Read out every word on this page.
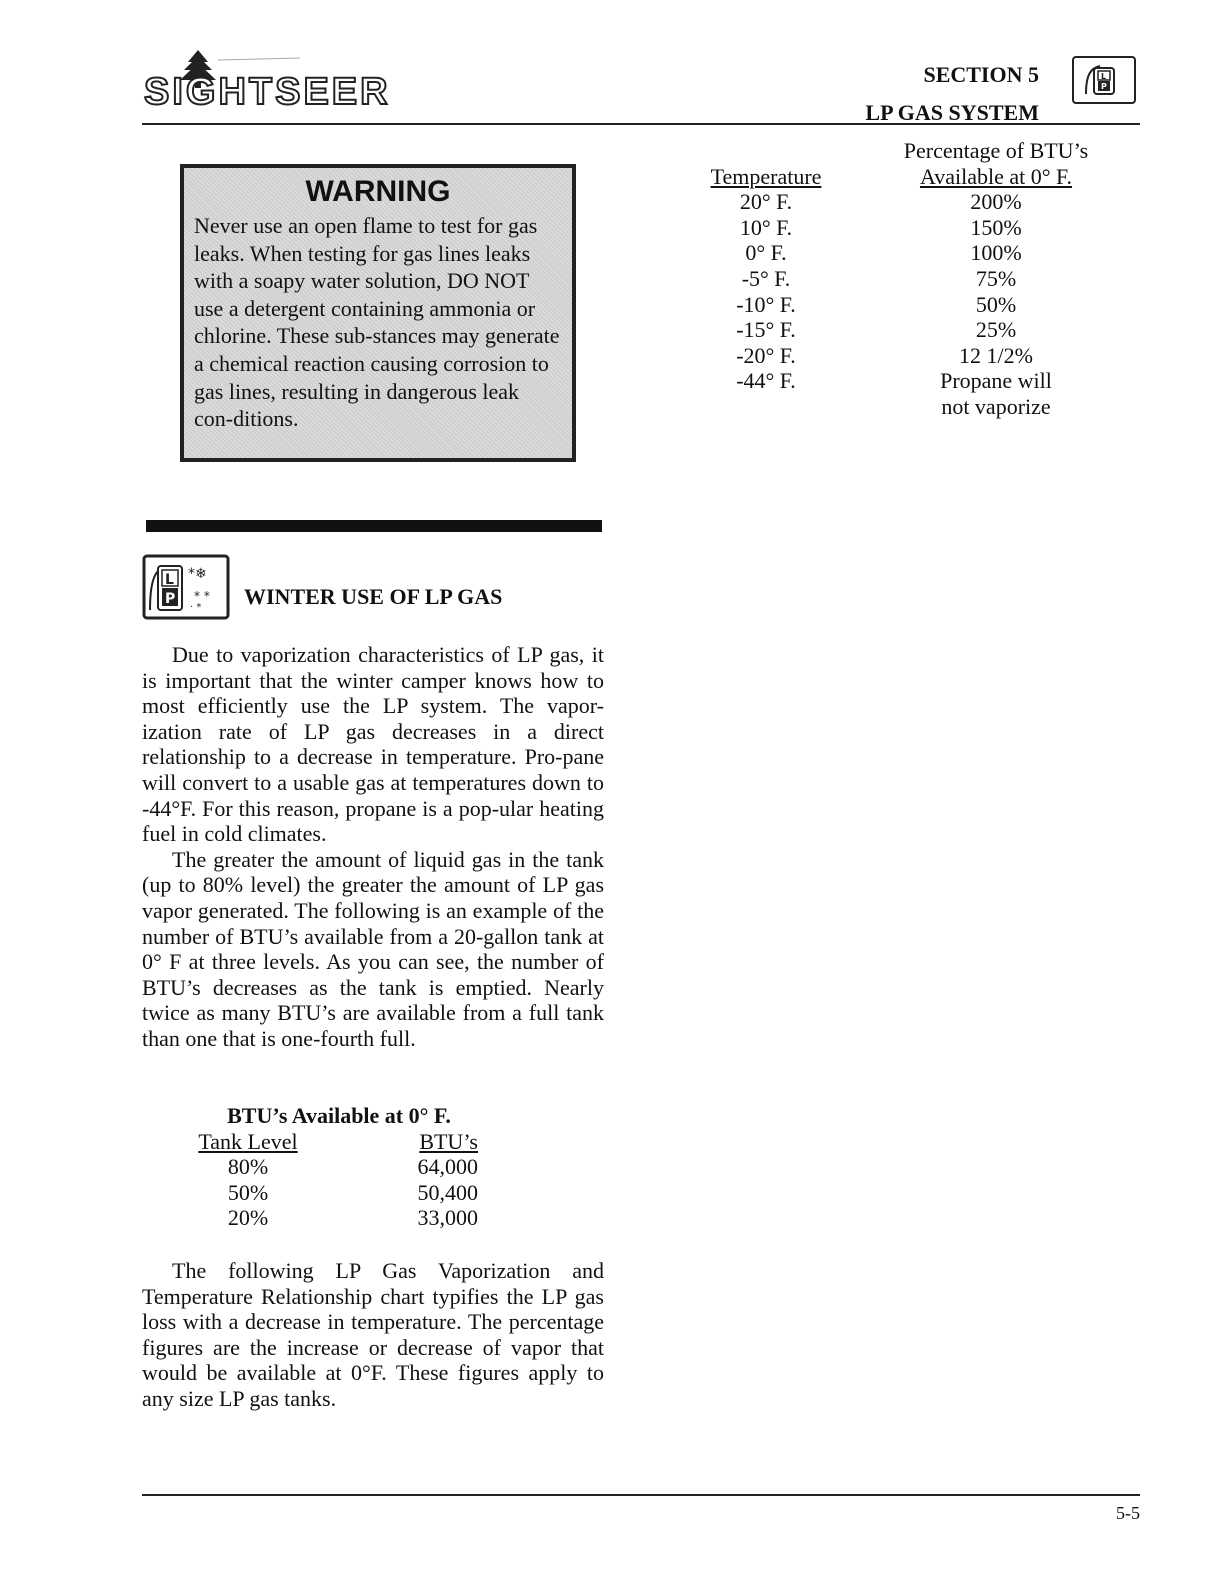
SIGHTSEER	SECTION 5
LP GAS SYSTEM
L
P
WARNING

Never use an open flame to test for gas leaks. When testing for gas lines leaks with a soapy water solution, DO NOT use a detergent containing ammonia or chlorine. These sub-stances may generate a chemical reaction causing corrosion to gas lines, resulting in dangerous leak con-ditions.

Percentage of BTU’s
Temperature	Available at 0° F.
20° F.	200%
10° F.	150%
0° F.	100%
-5° F.	75%
-10° F.	50%
-15° F.	25%
-20° F.	12 1/2%
-44° F.	Propane will
not vaporize
L
P
*❄
* *
· * WINTER USE OF LP GAS

Due to vaporization characteristics of LP gas, it is important that the winter camper knows how to most efficiently use the LP system. The vapor-ization rate of LP gas decreases in a direct relationship to a decrease in temperature. Pro-pane will convert to a usable gas at temperatures down to -44°F. For this reason, propane is a pop-ular heating fuel in cold climates.

The greater the amount of liquid gas in the tank (up to 80% level) the greater the amount of LP gas vapor generated. The following is an example of the number of BTU’s available from a 20-gallon tank at 0° F at three levels. As you can see, the number of BTU’s decreases as the tank is emptied. Nearly twice as many BTU’s are available from a full tank than one that is one-fourth full.

BTU’s Available at 0° F.
Tank Level	BTU’s
80%	64,000
50%	50,400
20%	33,000

The following LP Gas Vaporization and Temperature Relationship chart typifies the LP gas loss with a decrease in temperature. The percentage figures are the increase or decrease of vapor that would be available at 0°F. These figures apply to any size LP gas tanks.

5-5
